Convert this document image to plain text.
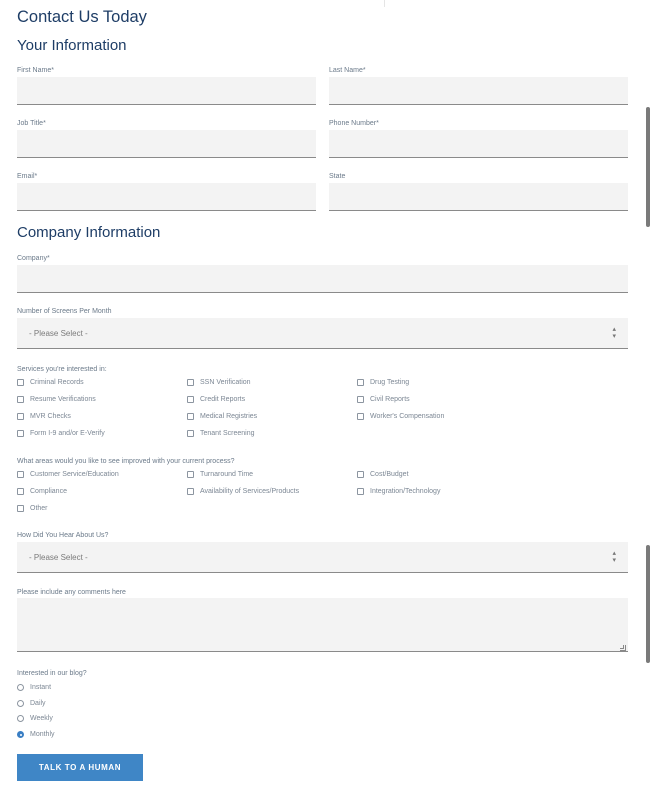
Contact Us Today
Your Information
First Name*	Last Name*
Job Title*	Phone Number*
Email*	State
Company Information
Company*
Number of Screens Per Month
- Please Select -	▴
▾
Services you're interested in:
Criminal Records	SSN Verification	Drug Testing
Resume Verifications	Credit Reports	Civil Reports
MVR Checks	Medical Registries	Worker's Compensation
Form I-9 and/or E-Verify	Tenant Screening
What areas would you like to see improved with your current process?
Customer Service/Education	Turnaround Time	Cost/Budget
Compliance	Availability of Services/Products	Integration/Technology
Other
How Did You Hear About Us?
- Please Select -	▴
▾
Please include any comments here
Interested in our blog?
Instant
Daily
Weekly
Monthly
TALK TO A HUMAN
